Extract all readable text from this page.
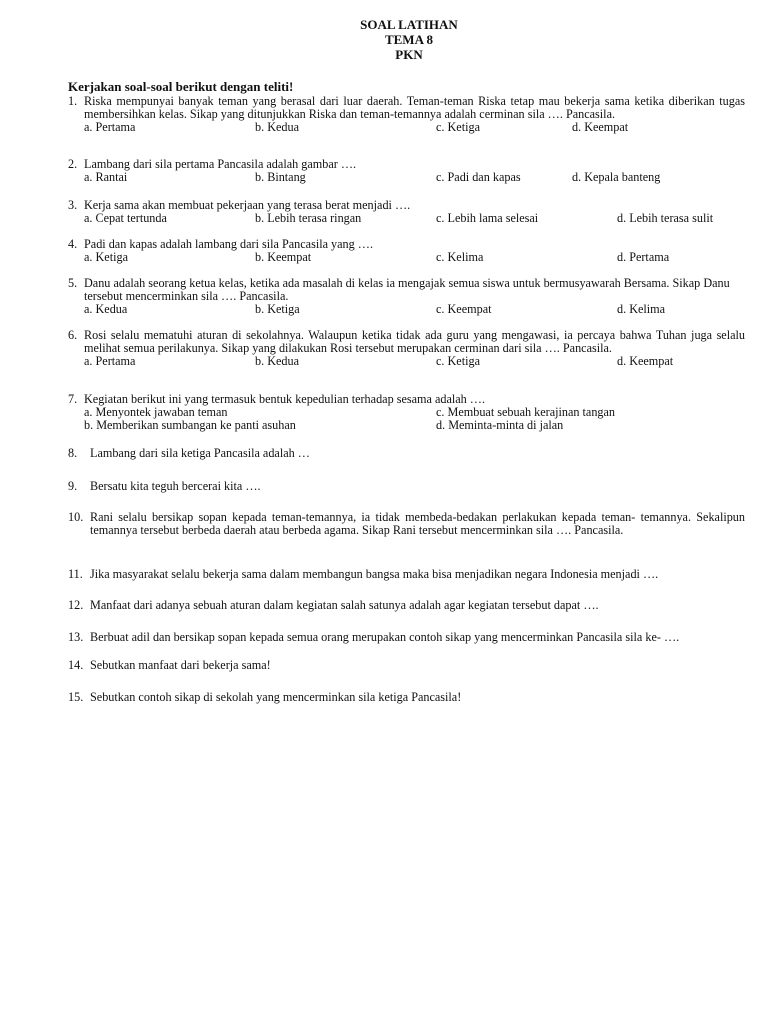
SOAL LATIHAN
TEMA 8
PKN
Kerjakan soal-soal berikut dengan teliti!
1. Riska mempunyai banyak teman yang berasal dari luar daerah. Teman-teman Riska tetap mau bekerja sama ketika diberikan tugas membersihkan kelas. Sikap yang ditunjukkan Riska dan teman-temannya adalah cerminan sila …. Pancasila.
a. Pertama	b. Kedua	c. Ketiga	d. Keempat
2. Lambang dari sila pertama Pancasila adalah gambar ….
a. Rantai	b. Bintang	c. Padi dan kapas	d. Kepala banteng
3. Kerja sama akan membuat pekerjaan yang terasa berat menjadi ….
a. Cepat tertunda	b. Lebih terasa ringan	c. Lebih lama selesai	d. Lebih terasa sulit
4. Padi dan kapas adalah lambang dari sila Pancasila yang ….
a. Ketiga	b. Keempat	c. Kelima	d. Pertama
5. Danu adalah seorang ketua kelas, ketika ada masalah di kelas ia mengajak semua siswa untuk bermusyawarah Bersama. Sikap Danu tersebut mencerminkan sila …. Pancasila.
a. Kedua	b. Ketiga	c. Keempat	d. Kelima
6. Rosi selalu mematuhi aturan di sekolahnya. Walaupun ketika tidak ada guru yang mengawasi, ia percaya bahwa Tuhan juga selalu melihat semua perilakunya. Sikap yang dilakukan Rosi tersebut merupakan cerminan dari sila …. Pancasila.
a. Pertama	b. Kedua	c. Ketiga	d. Keempat
7. Kegiatan berikut ini yang termasuk bentuk kepedulian terhadap sesama adalah ….
a. Menyontek jawaban teman	c. Membuat sebuah kerajinan tangan
b. Memberikan sumbangan ke panti asuhan	d. Meminta-minta di jalan
8. Lambang dari sila ketiga Pancasila adalah …
9. Bersatu kita teguh bercerai kita ….
10. Rani selalu bersikap sopan kepada teman-temannya, ia tidak membeda-bedakan perlakukan kepada teman- temannya. Sekalipun temannya tersebut berbeda daerah atau berbeda agama. Sikap Rani tersebut mencerminkan sila …. Pancasila.
11. Jika masyarakat selalu bekerja sama dalam membangun bangsa maka bisa menjadikan negara Indonesia menjadi ….
12. Manfaat dari adanya sebuah aturan dalam kegiatan salah satunya adalah agar kegiatan tersebut dapat ….
13. Berbuat adil dan bersikap sopan kepada semua orang merupakan contoh sikap yang mencerminkan Pancasila sila ke- ….
14. Sebutkan manfaat dari bekerja sama!
15. Sebutkan contoh sikap di sekolah yang mencerminkan sila ketiga Pancasila!
